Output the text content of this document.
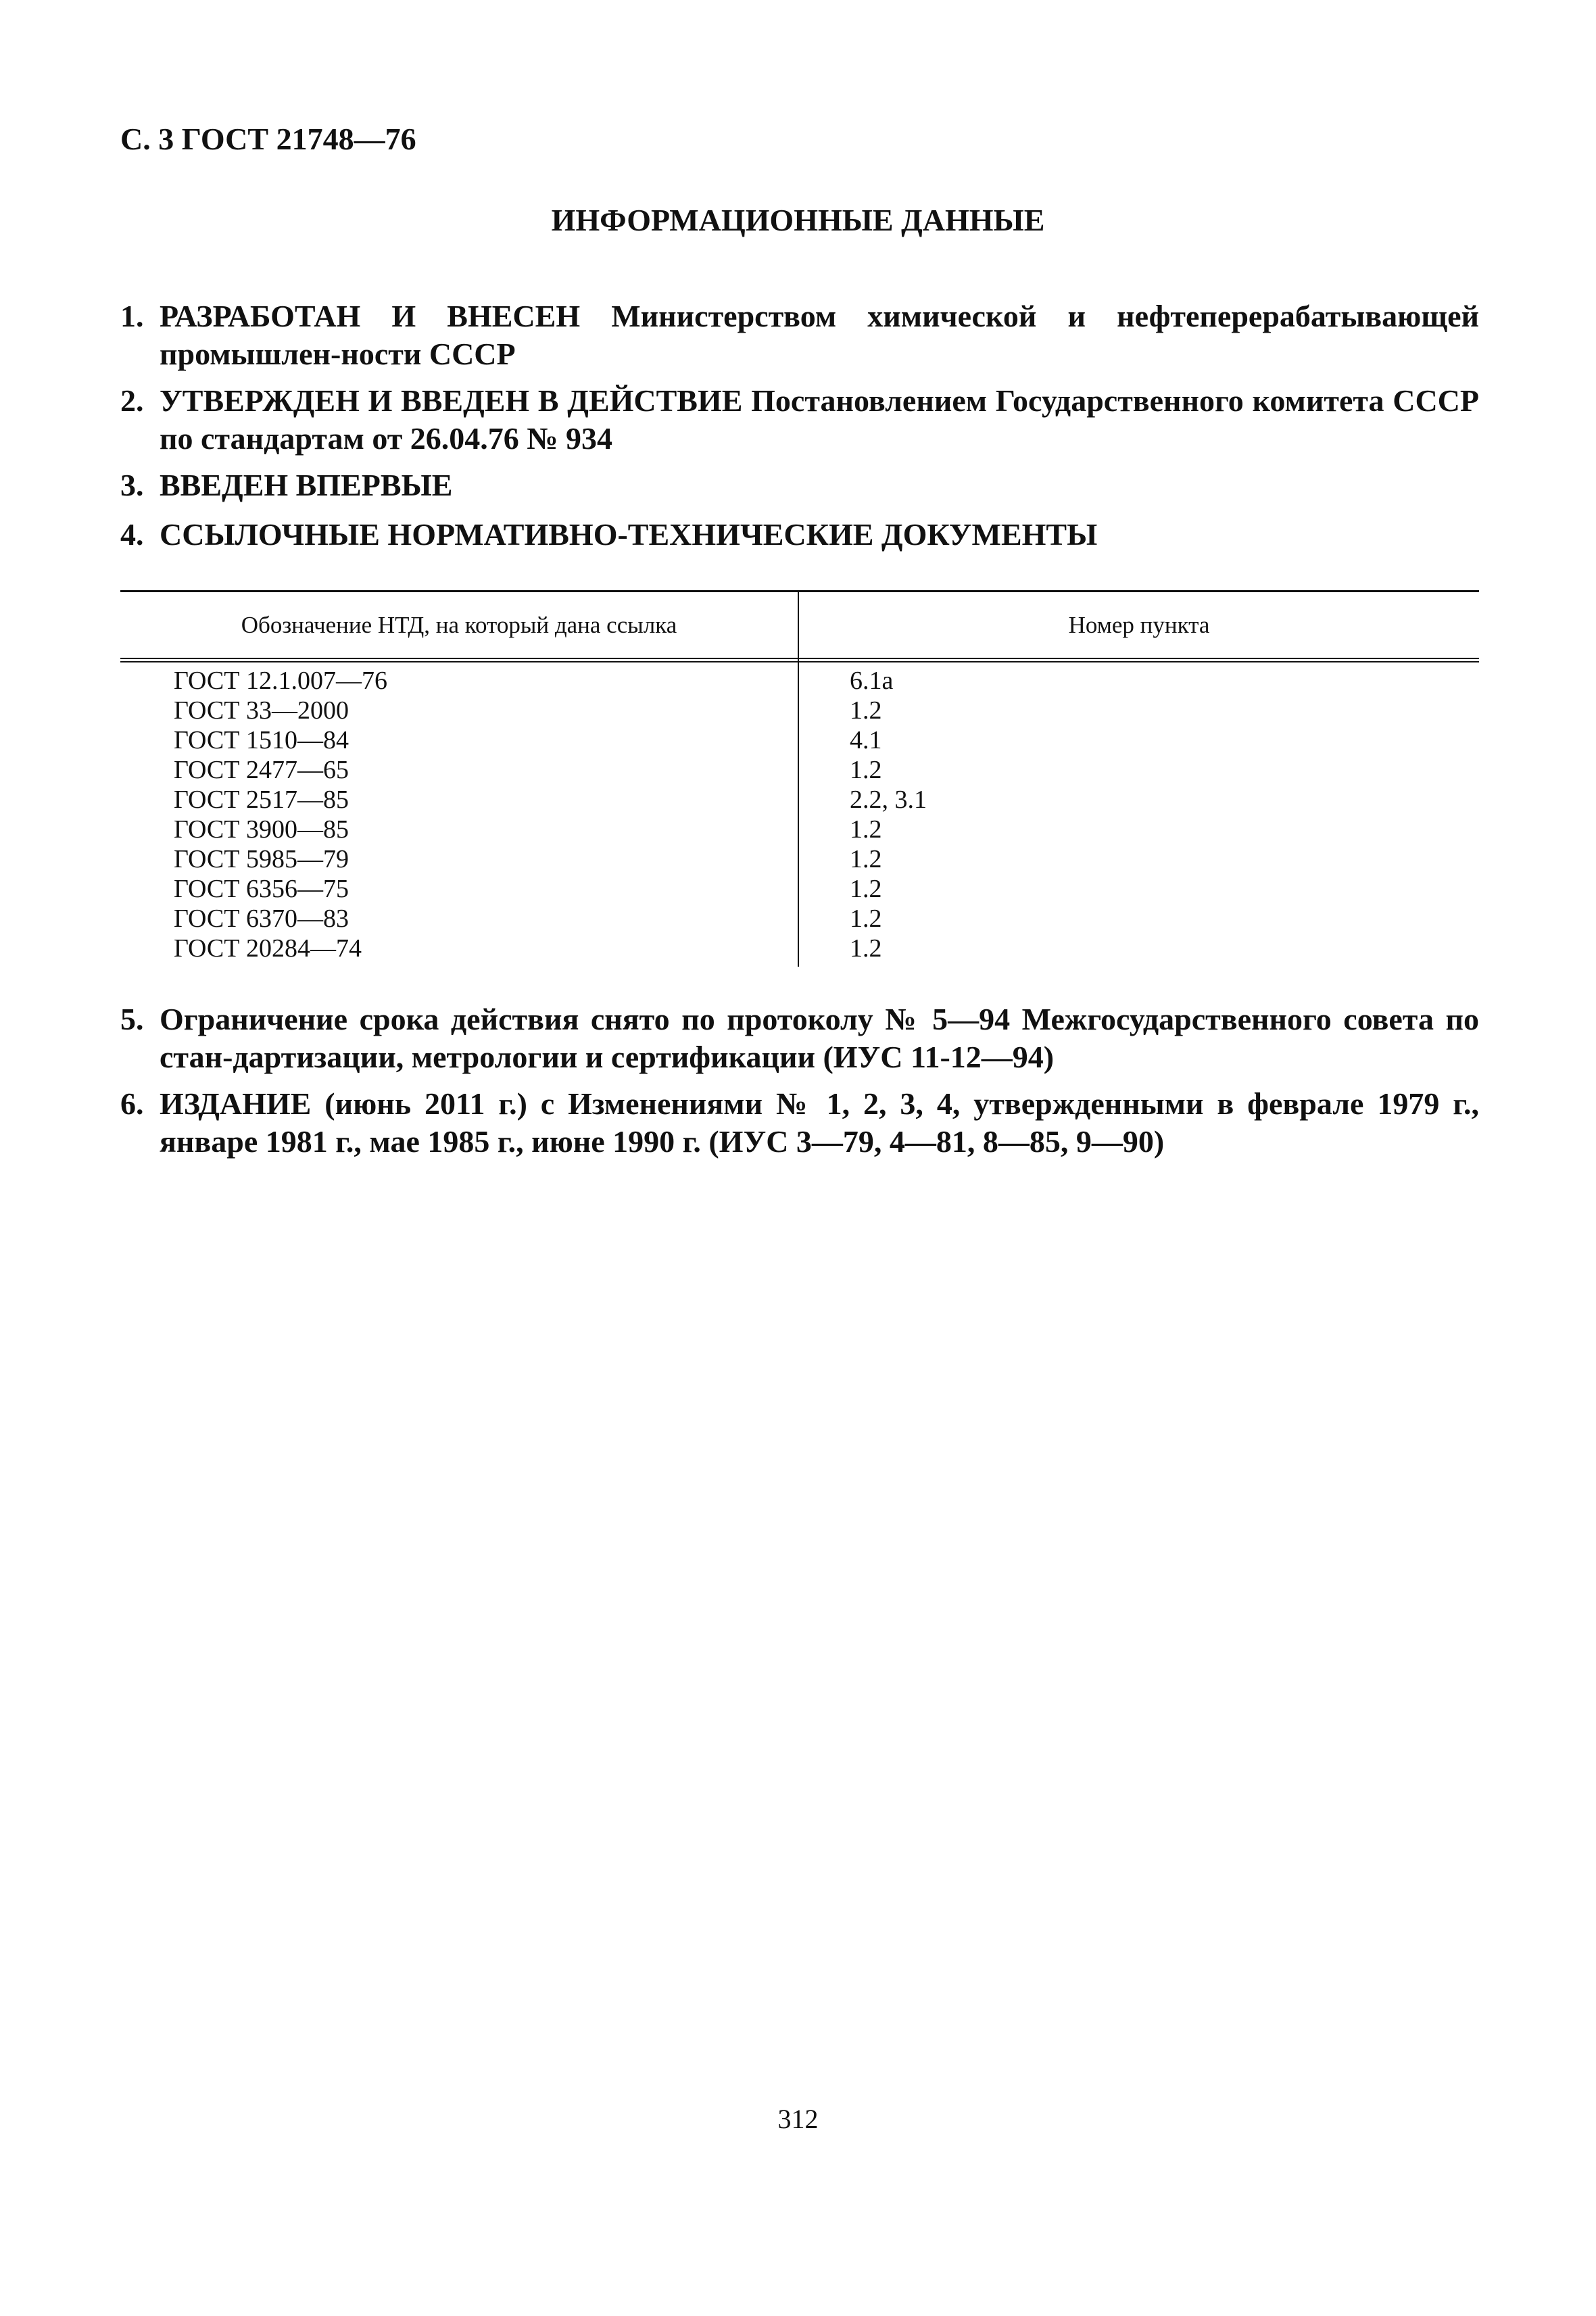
С. 3 ГОСТ 21748—76
ИНФОРМАЦИОННЫЕ ДАННЫЕ
1. РАЗРАБОТАН И ВНЕСЕН Министерством химической и нефтеперерабатывающей промышлен-ности СССР
2. УТВЕРЖДЕН И ВВЕДЕН В ДЕЙСТВИЕ Постановлением Государственного комитета СССР по стандартам от 26.04.76 № 934
3. ВВЕДЕН ВПЕРВЫЕ
4. ССЫЛОЧНЫЕ НОРМАТИВНО-ТЕХНИЧЕСКИЕ ДОКУМЕНТЫ
Обозначение НТД, на который дана ссылка	Номер пункта
ГОСТ 12.1.007—76	6.1а
ГОСТ 33—2000	1.2
ГОСТ 1510—84	4.1
ГОСТ 2477—65	1.2
ГОСТ 2517—85	2.2, 3.1
ГОСТ 3900—85	1.2
ГОСТ 5985—79	1.2
ГОСТ 6356—75	1.2
ГОСТ 6370—83	1.2
ГОСТ 20284—74	1.2
5. Ограничение срока действия снято по протоколу № 5—94 Межгосударственного совета по стан-дартизации, метрологии и сертификации (ИУС 11-12—94)
6. ИЗДАНИЕ (июнь 2011 г.) с Изменениями № 1, 2, 3, 4, утвержденными в феврале 1979 г., январе 1981 г., мае 1985 г., июне 1990 г. (ИУС 3—79, 4—81, 8—85, 9—90)
312
